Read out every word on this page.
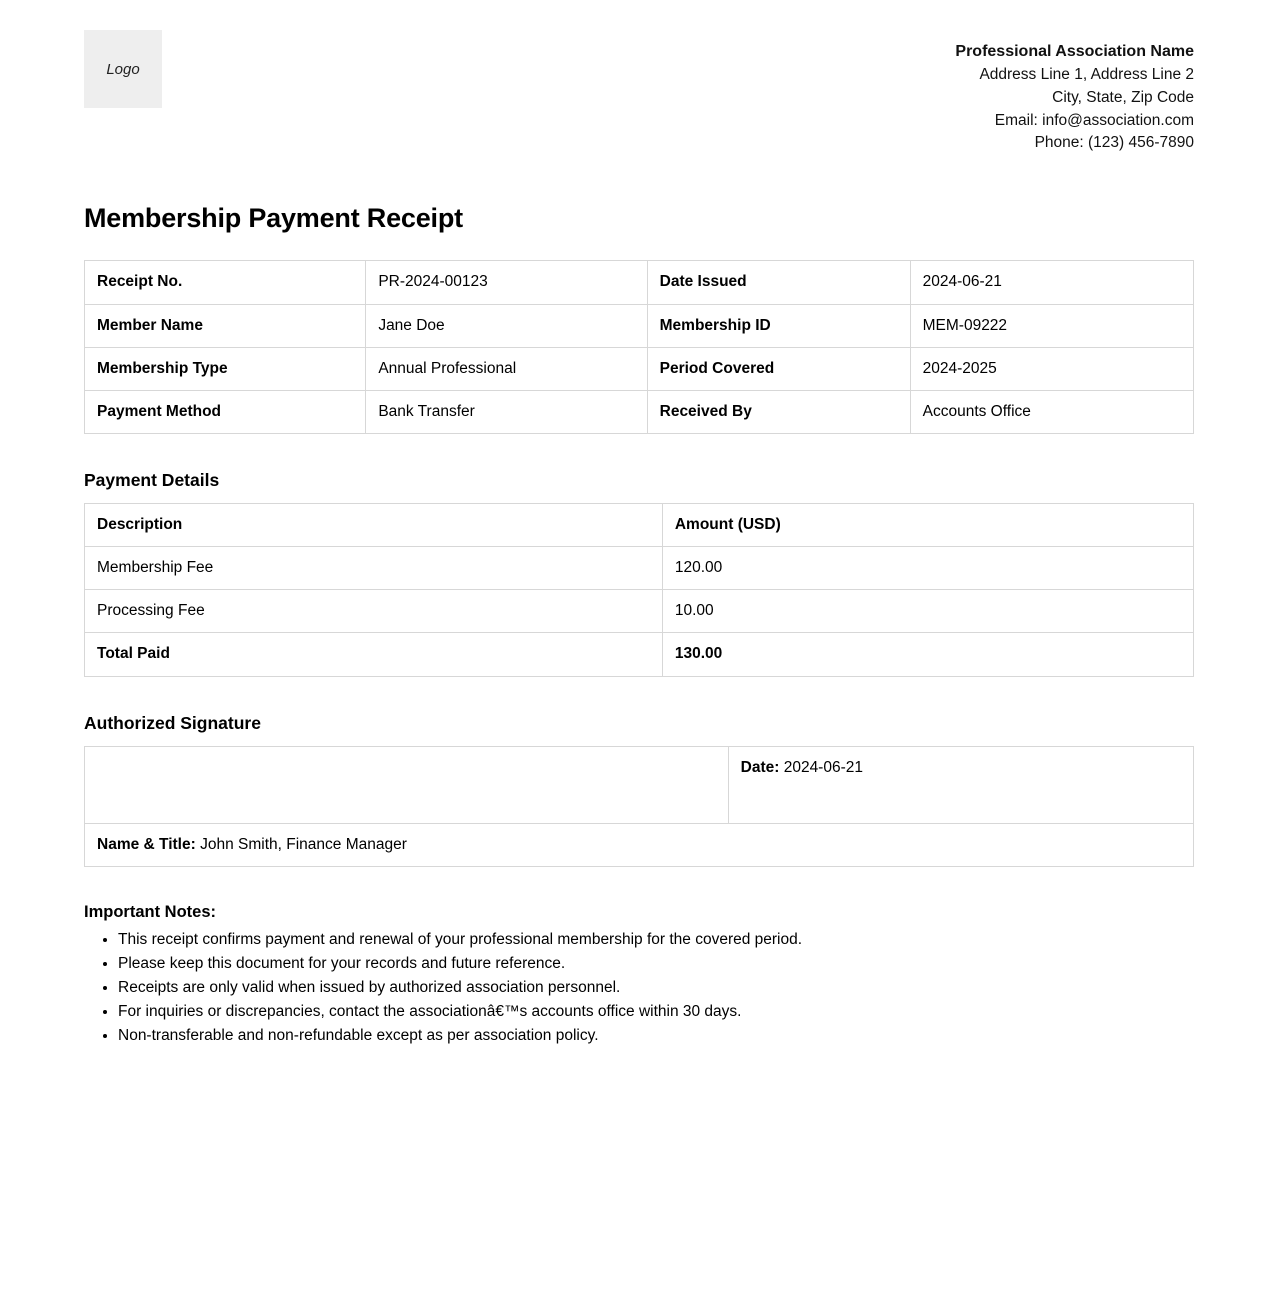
Logo
Professional Association Name
Address Line 1, Address Line 2
City, State, Zip Code
Email: info@association.com
Phone: (123) 456-7890
Membership Payment Receipt
Receipt No.	PR-2024-00123	Date Issued	2024-06-21
Member Name	Jane Doe	Membership ID	MEM-09222
Membership Type	Annual Professional	Period Covered	2024-2025
Payment Method	Bank Transfer	Received By	Accounts Office
Payment Details
Description	Amount (USD)
Membership Fee	120.00
Processing Fee	10.00
Total Paid	130.00
Authorized Signature
	Date: 2024-06-21
Name & Title: John Smith, Finance Manager
Important Notes:
• This receipt confirms payment and renewal of your professional membership for the covered period.
• Please keep this document for your records and future reference.
• Receipts are only valid when issued by authorized association personnel.
• For inquiries or discrepancies, contact the associationâ€™s accounts office within 30 days.
• Non-transferable and non-refundable except as per association policy.
